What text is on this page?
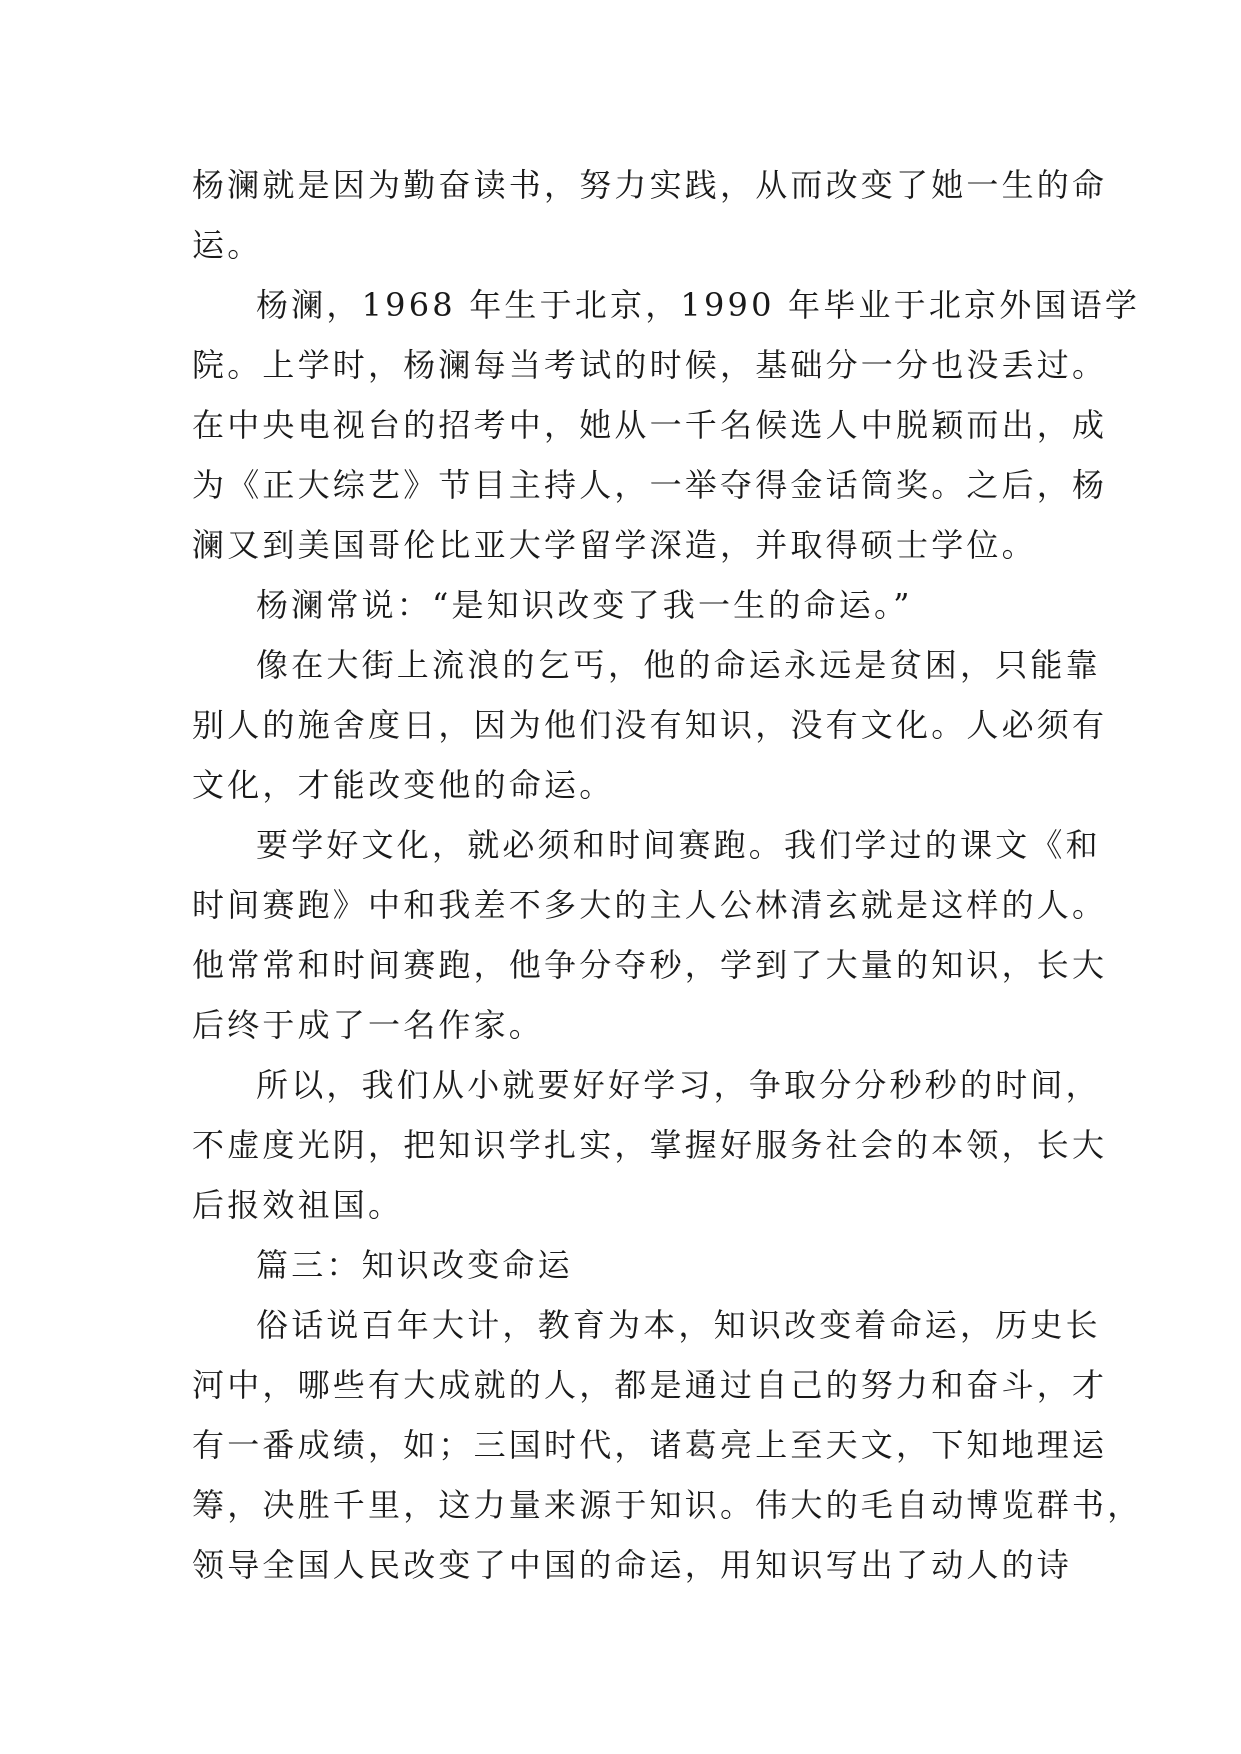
杨澜就是因为勤奋读书，努力实践，从而改变了她一生的命
运。
杨澜，1968 年生于北京，1990 年毕业于北京外国语学
院。上学时，杨澜每当考试的时候，基础分一分也没丢过。
在中央电视台的招考中，她从一千名候选人中脱颖而出，成
为《正大综艺》节目主持人，一举夺得金话筒奖。之后，杨
澜又到美国哥伦比亚大学留学深造，并取得硕士学位。
杨澜常说：“是知识改变了我一生的命运。”
像在大街上流浪的乞丐，他的命运永远是贫困，只能靠
别人的施舍度日，因为他们没有知识，没有文化。人必须有
文化，才能改变他的命运。
要学好文化，就必须和时间赛跑。我们学过的课文《和
时间赛跑》中和我差不多大的主人公林清玄就是这样的人。
他常常和时间赛跑，他争分夺秒，学到了大量的知识，长大
后终于成了一名作家。
所以，我们从小就要好好学习，争取分分秒秒的时间，
不虚度光阴，把知识学扎实，掌握好服务社会的本领，长大
后报效祖国。
篇三：知识改变命运
俗话说百年大计，教育为本，知识改变着命运，历史长
河中，哪些有大成就的人，都是通过自己的努力和奋斗，才
有一番成绩，如；三国时代，诸葛亮上至天文，下知地理运
筹，决胜千里，这力量来源于知识。伟大的毛自动博览群书，
领导全国人民改变了中国的命运，用知识写出了动人的诗
